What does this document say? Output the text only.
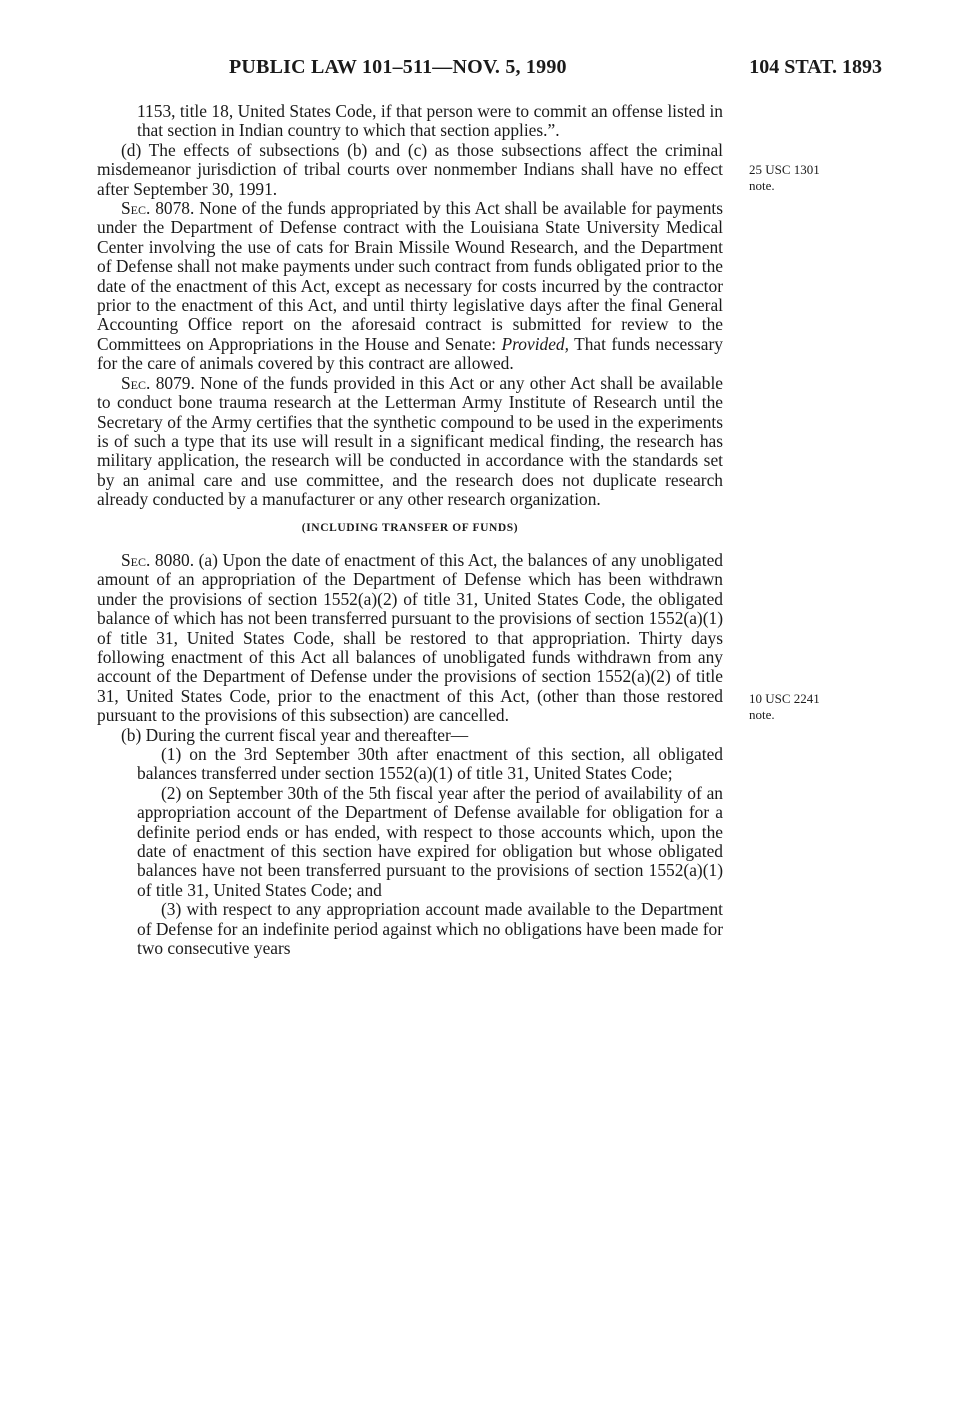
PUBLIC LAW 101–511—NOV. 5, 1990	104 STAT. 1893
25 USC 1301
note.
10 USC 2241
note.

1153, title 18, United States Code, if that person were to commit an offense listed in that section in Indian country to which that section applies.”.

(d) The effects of subsections (b) and (c) as those subsections affect the criminal misdemeanor jurisdiction of tribal courts over nonmember Indians shall have no effect after September 30, 1991.

Sec. 8078. None of the funds appropriated by this Act shall be available for payments under the Department of Defense contract with the Louisiana State University Medical Center involving the use of cats for Brain Missile Wound Research, and the Department of Defense shall not make payments under such contract from funds obligated prior to the date of the enactment of this Act, except as necessary for costs incurred by the contractor prior to the enactment of this Act, and until thirty legislative days after the final General Accounting Office report on the aforesaid contract is submitted for review to the Committees on Appropriations in the House and Senate: Provided, That funds necessary for the care of animals covered by this contract are allowed.

Sec. 8079. None of the funds provided in this Act or any other Act shall be available to conduct bone trauma research at the Letterman Army Institute of Research until the Secretary of the Army certifies that the synthetic compound to be used in the experiments is of such a type that its use will result in a significant medical finding, the research has military application, the research will be conducted in accordance with the standards set by an animal care and use committee, and the research does not duplicate research already conducted by a manufacturer or any other research organization.

(INCLUDING TRANSFER OF FUNDS)

Sec. 8080. (a) Upon the date of enactment of this Act, the balances of any unobligated amount of an appropriation of the Department of Defense which has been withdrawn under the provisions of section 1552(a)(2) of title 31, United States Code, the obligated balance of which has not been transferred pursuant to the provisions of section 1552(a)(1) of title 31, United States Code, shall be restored to that appropriation. Thirty days following enactment of this Act all balances of unobligated funds withdrawn from any account of the Department of Defense under the provisions of section 1552(a)(2) of title 31, United States Code, prior to the enactment of this Act, (other than those restored pursuant to the provisions of this subsection) are cancelled.

(b) During the current fiscal year and thereafter—

(1) on the 3rd September 30th after enactment of this section, all obligated balances transferred under section 1552(a)(1) of title 31, United States Code;

(2) on September 30th of the 5th fiscal year after the period of availability of an appropriation account of the Department of Defense available for obligation for a definite period ends or has ended, with respect to those accounts which, upon the date of enactment of this section have expired for obligation but whose obligated balances have not been transferred pursuant to the provisions of section 1552(a)(1) of title 31, United States Code; and

(3) with respect to any appropriation account made available to the Department of Defense for an indefinite period against which no obligations have been made for two consecutive years
